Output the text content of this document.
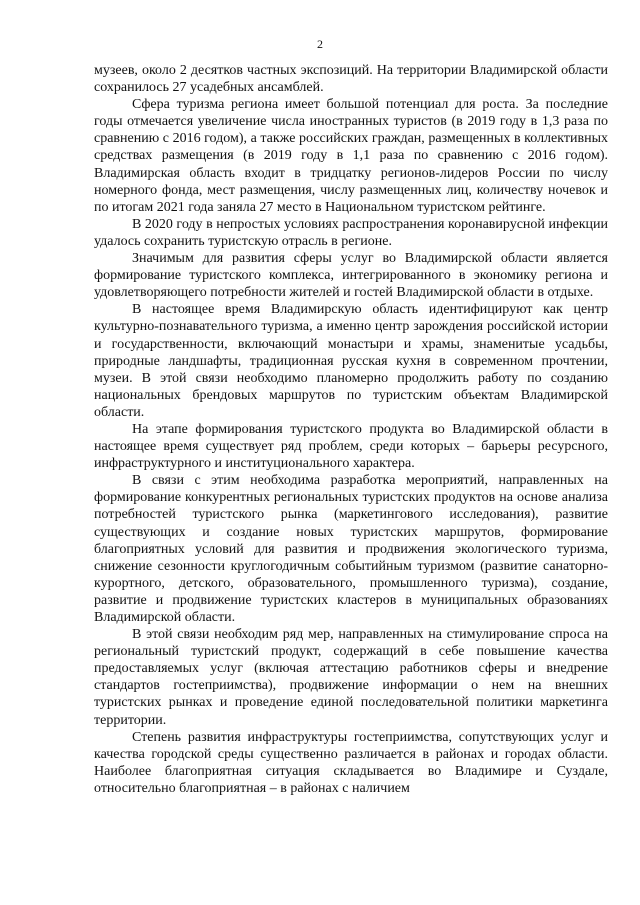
2

музеев, около 2 десятков частных экспозиций. На территории Владимирской области сохранилось 27 усадебных ансамблей.

Сфера туризма региона имеет большой потенциал для роста. За последние годы отмечается увеличение числа иностранных туристов (в 2019 году в 1,3 раза по сравнению с 2016 годом), а также российских граждан, размещенных в коллективных средствах размещения (в 2019 году в 1,1 раза по сравнению с 2016 годом). Владимирская область входит в тридцатку регионов-лидеров России по числу номерного фонда, мест размещения, числу размещенных лиц, количеству ночевок и по итогам 2021 года заняла 27 место в Национальном туристском рейтинге.

В 2020 году в непростых условиях распространения коронавирусной инфекции удалось сохранить туристскую отрасль в регионе.

Значимым для развития сферы услуг во Владимирской области является формирование туристского комплекса, интегрированного в экономику региона и удовлетворяющего потребности жителей и гостей Владимирской области в отдыхе.

В настоящее время Владимирскую область идентифицируют как центр культурно-познавательного туризма, а именно центр зарождения российской истории и государственности, включающий монастыри и храмы, знаменитые усадьбы, природные ландшафты, традиционная русская кухня в современном прочтении, музеи. В этой связи необходимо планомерно продолжить работу по созданию национальных брендовых маршрутов по туристским объектам Владимирской области.

На этапе формирования туристского продукта во Владимирской области в настоящее время существует ряд проблем, среди которых – барьеры ресурсного, инфраструктурного и институционального характера.

В связи с этим необходима разработка мероприятий, направленных на формирование конкурентных региональных туристских продуктов на основе анализа потребностей туристского рынка (маркетингового исследования), развитие существующих и создание новых туристских маршрутов, формирование благоприятных условий для развития и продвижения экологического туризма, снижение сезонности круглогодичным событийным туризмом (развитие санаторно-курортного, детского, образовательного, промышленного туризма), создание, развитие и продвижение туристских кластеров в муниципальных образованиях Владимирской области.

В этой связи необходим ряд мер, направленных на стимулирование спроса на региональный туристский продукт, содержащий в себе повышение качества предоставляемых услуг (включая аттестацию работников сферы и внедрение стандартов гостеприимства), продвижение информации о нем на внешних туристских рынках и проведение единой последовательной политики маркетинга территории.

Степень развития инфраструктуры гостеприимства, сопутствующих услуг и качества городской среды существенно различается в районах и городах области. Наиболее благоприятная ситуация складывается во Владимире и Суздале, относительно благоприятная – в районах с наличием
